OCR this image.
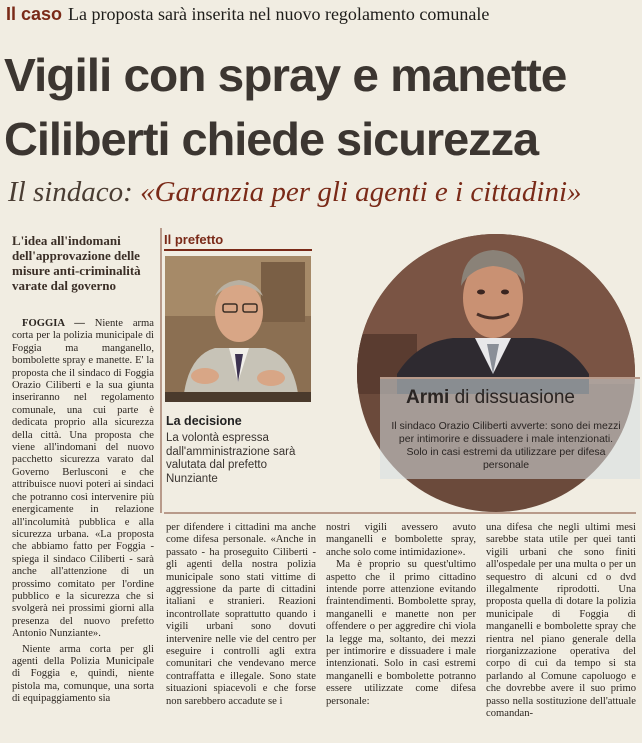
Il caso La proposta sarà inserita nel nuovo regolamento comunale
Vigili con spray e manette
Ciliberti chiede sicurezza
Il sindaco: «Garanzia per gli agenti e i cittadini»
L'idea all'indomani dell'approvazione delle misure anti-criminalità varate dal governo

FOGGIA — Niente arma corta per la polizia municipale di Foggia ma manganello, bombolette spray e manette. E' la proposta che il sindaco di Foggia Orazio Ciliberti e la sua giunta inseriranno nel regolamento comunale, una cui parte è dedicata proprio alla sicurezza della città. Una proposta che viene all'indomani del nuovo pacchetto sicurezza varato dal Governo Berlusconi e che attribuisce nuovi poteri ai sindaci che potranno così intervenire più energicamente in relazione all'incolumità pubblica e alla sicurezza urbana. «La proposta che abbiamo fatto per Foggia - spiega il sindaco Ciliberti - sarà anche all'attenzione di un prossimo comitato per l'ordine pubblico e la sicurezza che si svolgerà nei prossimi giorni alla presenza del nuovo prefetto Antonio Nunziante».

Niente arma corta per gli agenti della Polizia Municipale di Foggia e, quindi, niente pistola ma, comunque, una sorta di equipaggiamento sia

Il prefetto
La decisione
La volontà espressa dall'amministrazione sarà valutata dal prefetto Nunziante
Armi di dissuasione
Il sindaco Orazio Ciliberti avverte: sono dei mezzi per intimorire e dissuadere i male intenzionati. Solo in casi estremi da utilizzare per difesa personale

per difendere i cittadini ma anche come difesa personale. «Anche in passato - ha proseguito Ciliberti - gli agenti della nostra polizia municipale sono stati vittime di aggressione da parte di cittadini italiani e stranieri. Reazioni incontrollate soprattutto quando i vigili urbani sono dovuti intervenire nelle vie del centro per eseguire i controlli agli extra comunitari che vendevano merce contraffatta e illegale. Sono state situazioni spiacevoli e che forse non sarebbero accadute se i

nostri vigili avessero avuto manganelli e bombolette spray, anche solo come intimidazione».

Ma è proprio su quest'ultimo aspetto che il primo cittadino intende porre attenzione evitando fraintendimenti. Bombolette spray, manganelli e manette non per offendere o per aggredire chi viola la legge ma, soltanto, dei mezzi per intimorire e dissuadere i male intenzionati. Solo in casi estremi manganelli e bombolette potranno essere utilizzate come difesa personale:

una difesa che negli ultimi mesi sarebbe stata utile per quei tanti vigili urbani che sono finiti all'ospedale per una multa o per un sequestro di alcuni cd o dvd illegalmente riprodotti. Una proposta quella di dotare la polizia municipale di Foggia di manganelli e bombolette spray che rientra nel piano generale della riorganizzazione operativa del corpo di cui da tempo si sta parlando al Comune capoluogo e che dovrebbe avere il suo primo passo nella sostituzione dell'attuale comandan-
